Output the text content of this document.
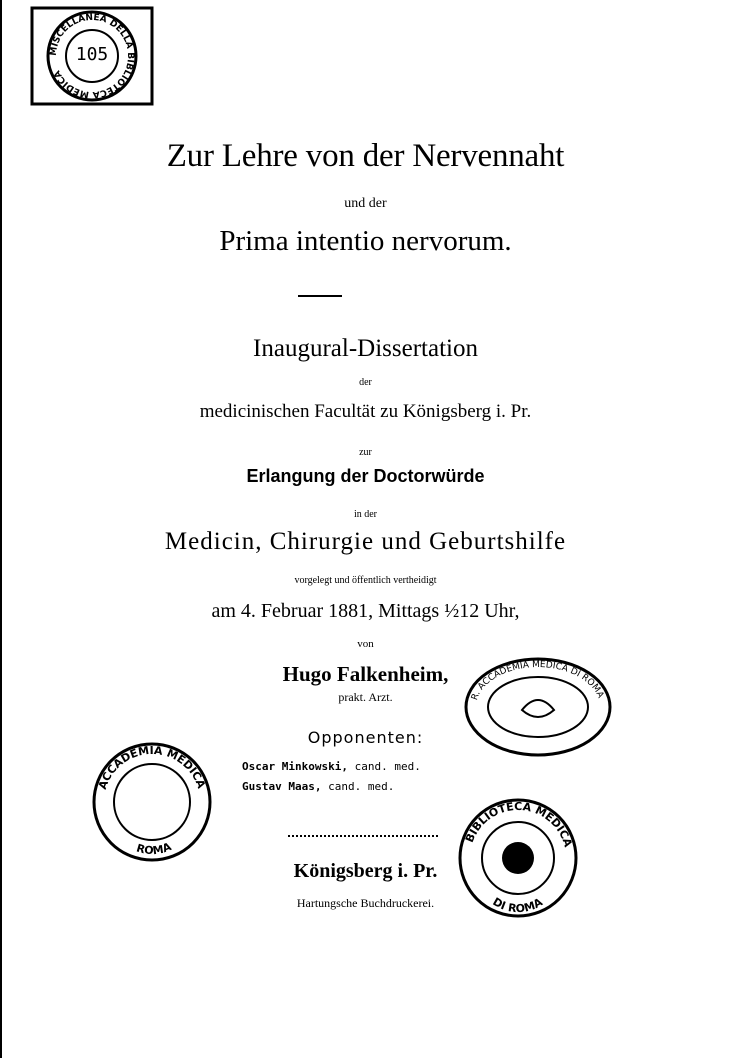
MISCELLANEA DELLA BIBLIOTECA MEDICA
105
Zur Lehre von der Nervennaht
und der
Prima intentio nervorum.
Inaugural-Dissertation
der
medicinischen Facultät zu Königsberg i. Pr.
zur
Erlangung der Doctorwürde
in der
Medicin, Chirurgie und Geburtshilfe
vorgelegt und öffentlich vertheidigt
am 4. Februar 1881, Mittags ½12 Uhr,
von
Hugo Falkenheim,
prakt. Arzt.
Opponenten:
Oscar Minkowski, cand. med.
Gustav Maas, cand. med.
Königsberg i. Pr.
Hartungsche Buchdruckerei.
ACCADEMIA MEDICA
ROMA
R. ACCADEMIA MEDICA DI ROMA
BIBLIOTECA MEDICA
DI ROMA
